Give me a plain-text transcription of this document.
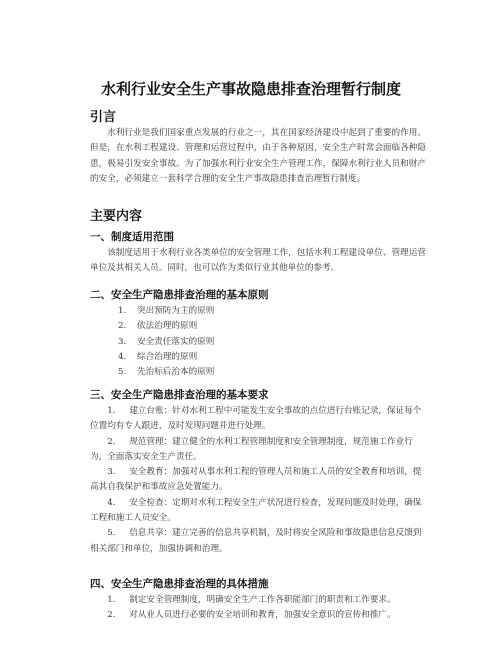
水利行业安全生产事故隐患排查治理暂行制度
引言

水利行业是我们国家重点发展的行业之一，其在国家经济建设中起到了重要的作用。但是，在水利工程建设、管理和运营过程中，由于各种原因，安全生产时常会面临各种隐患，极易引发安全事故。为了加强水利行业安全生产管理工作，保障水利行业人员和财产的安全，必须建立一套科学合理的安全生产事故隐患排查治理暂行制度。

主要内容
一、制度适用范围

该制度适用于水利行业各类单位的安全管理工作，包括水利工程建设单位、管理运营单位及其相关人员。同时，也可以作为类似行业其他单位的参考。

二、安全生产隐患排查治理的基本原则
1. 突出预防为主的原则
2. 依法治理的原则
3. 安全责任落实的原则
4. 综合治理的原则
5. 先治标后治本的原则
三、安全生产隐患排查治理的基本要求
1. 建立台账：针对水利工程中可能发生安全事故的点位进行台账记录，保证每个位置均有专人跟进，及时发现问题并进行处理。
2. 规范管理：建立健全的水利工程管理制度和安全管理制度，规范施工作业行为，全面落实安全生产责任。
3. 安全教育：加强对从事水利工程的管理人员和施工人员的安全教育和培训，提高其自我保护和事故应急处置能力。
4. 安全检查：定期对水利工程安全生产状况进行检查，发现问题及时处理，确保工程和施工人员安全。
5. 信息共享：建立完善的信息共享机制，及时将安全风险和事故隐患信息反馈到相关部门和单位，加强协调和治理。
四、安全生产隐患排查治理的具体措施
1. 制定安全管理制度，明确安全生产工作各职能部门的职责和工作要求。
2. 对从业人员进行必要的安全培训和教育，加强安全意识的宣传和推广。
